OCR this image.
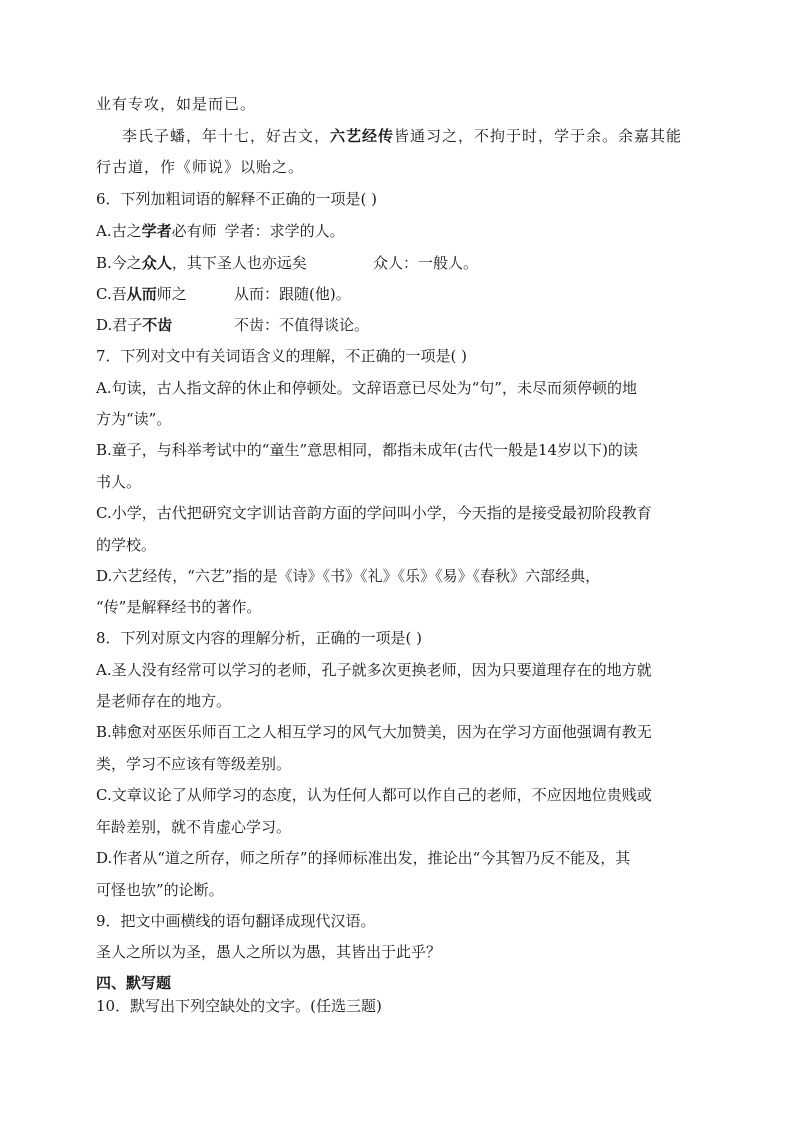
业有专攻，如是而已。
李氏子蟠，年十七，好古文，六艺经传皆通习之，不拘于时，学于余。余嘉其能
行古道，作《师说》以贻之。
6．下列加粗词语的解释不正确的一项是( )
A.古之学者必有师 学者：求学的人。
B.今之众人，其下圣人也亦远矣	众人：一般人。
C.吾从而师之	从而：跟随(他)。
D.君子不齿	不齿：不值得谈论。
7．下列对文中有关词语含义的理解，不正确的一项是( )
A.句读，古人指文辞的休止和停顿处。文辞语意已尽处为“句”，未尽而须停顿的地
方为“读”。
B.童子，与科举考试中的“童生”意思相同，都指未成年(古代一般是14岁以下)的读
书人。
C.小学，古代把研究文字训诂音韵方面的学问叫小学，今天指的是接受最初阶段教育
的学校。
D.六艺经传，“六艺”指的是《诗》《书》《礼》《乐》《易》《春秋》六部经典，
“传”是解释经书的著作。
8．下列对原文内容的理解分析，正确的一项是( )
A.圣人没有经常可以学习的老师，孔子就多次更换老师，因为只要道理存在的地方就
是老师存在的地方。
B.韩愈对巫医乐师百工之人相互学习的风气大加赞美，因为在学习方面他强调有教无
类，学习不应该有等级差别。
C.文章议论了从师学习的态度，认为任何人都可以作自己的老师，不应因地位贵贱或
年龄差别，就不肯虚心学习。
D.作者从“道之所存，师之所存”的择师标准出发，推论出“今其智乃反不能及，其
可怪也欤”的论断。
9．把文中画横线的语句翻译成现代汉语。
圣人之所以为圣，愚人之所以为愚，其皆出于此乎？
四、默写题
10．默写出下列空缺处的文字。(任选三题)
